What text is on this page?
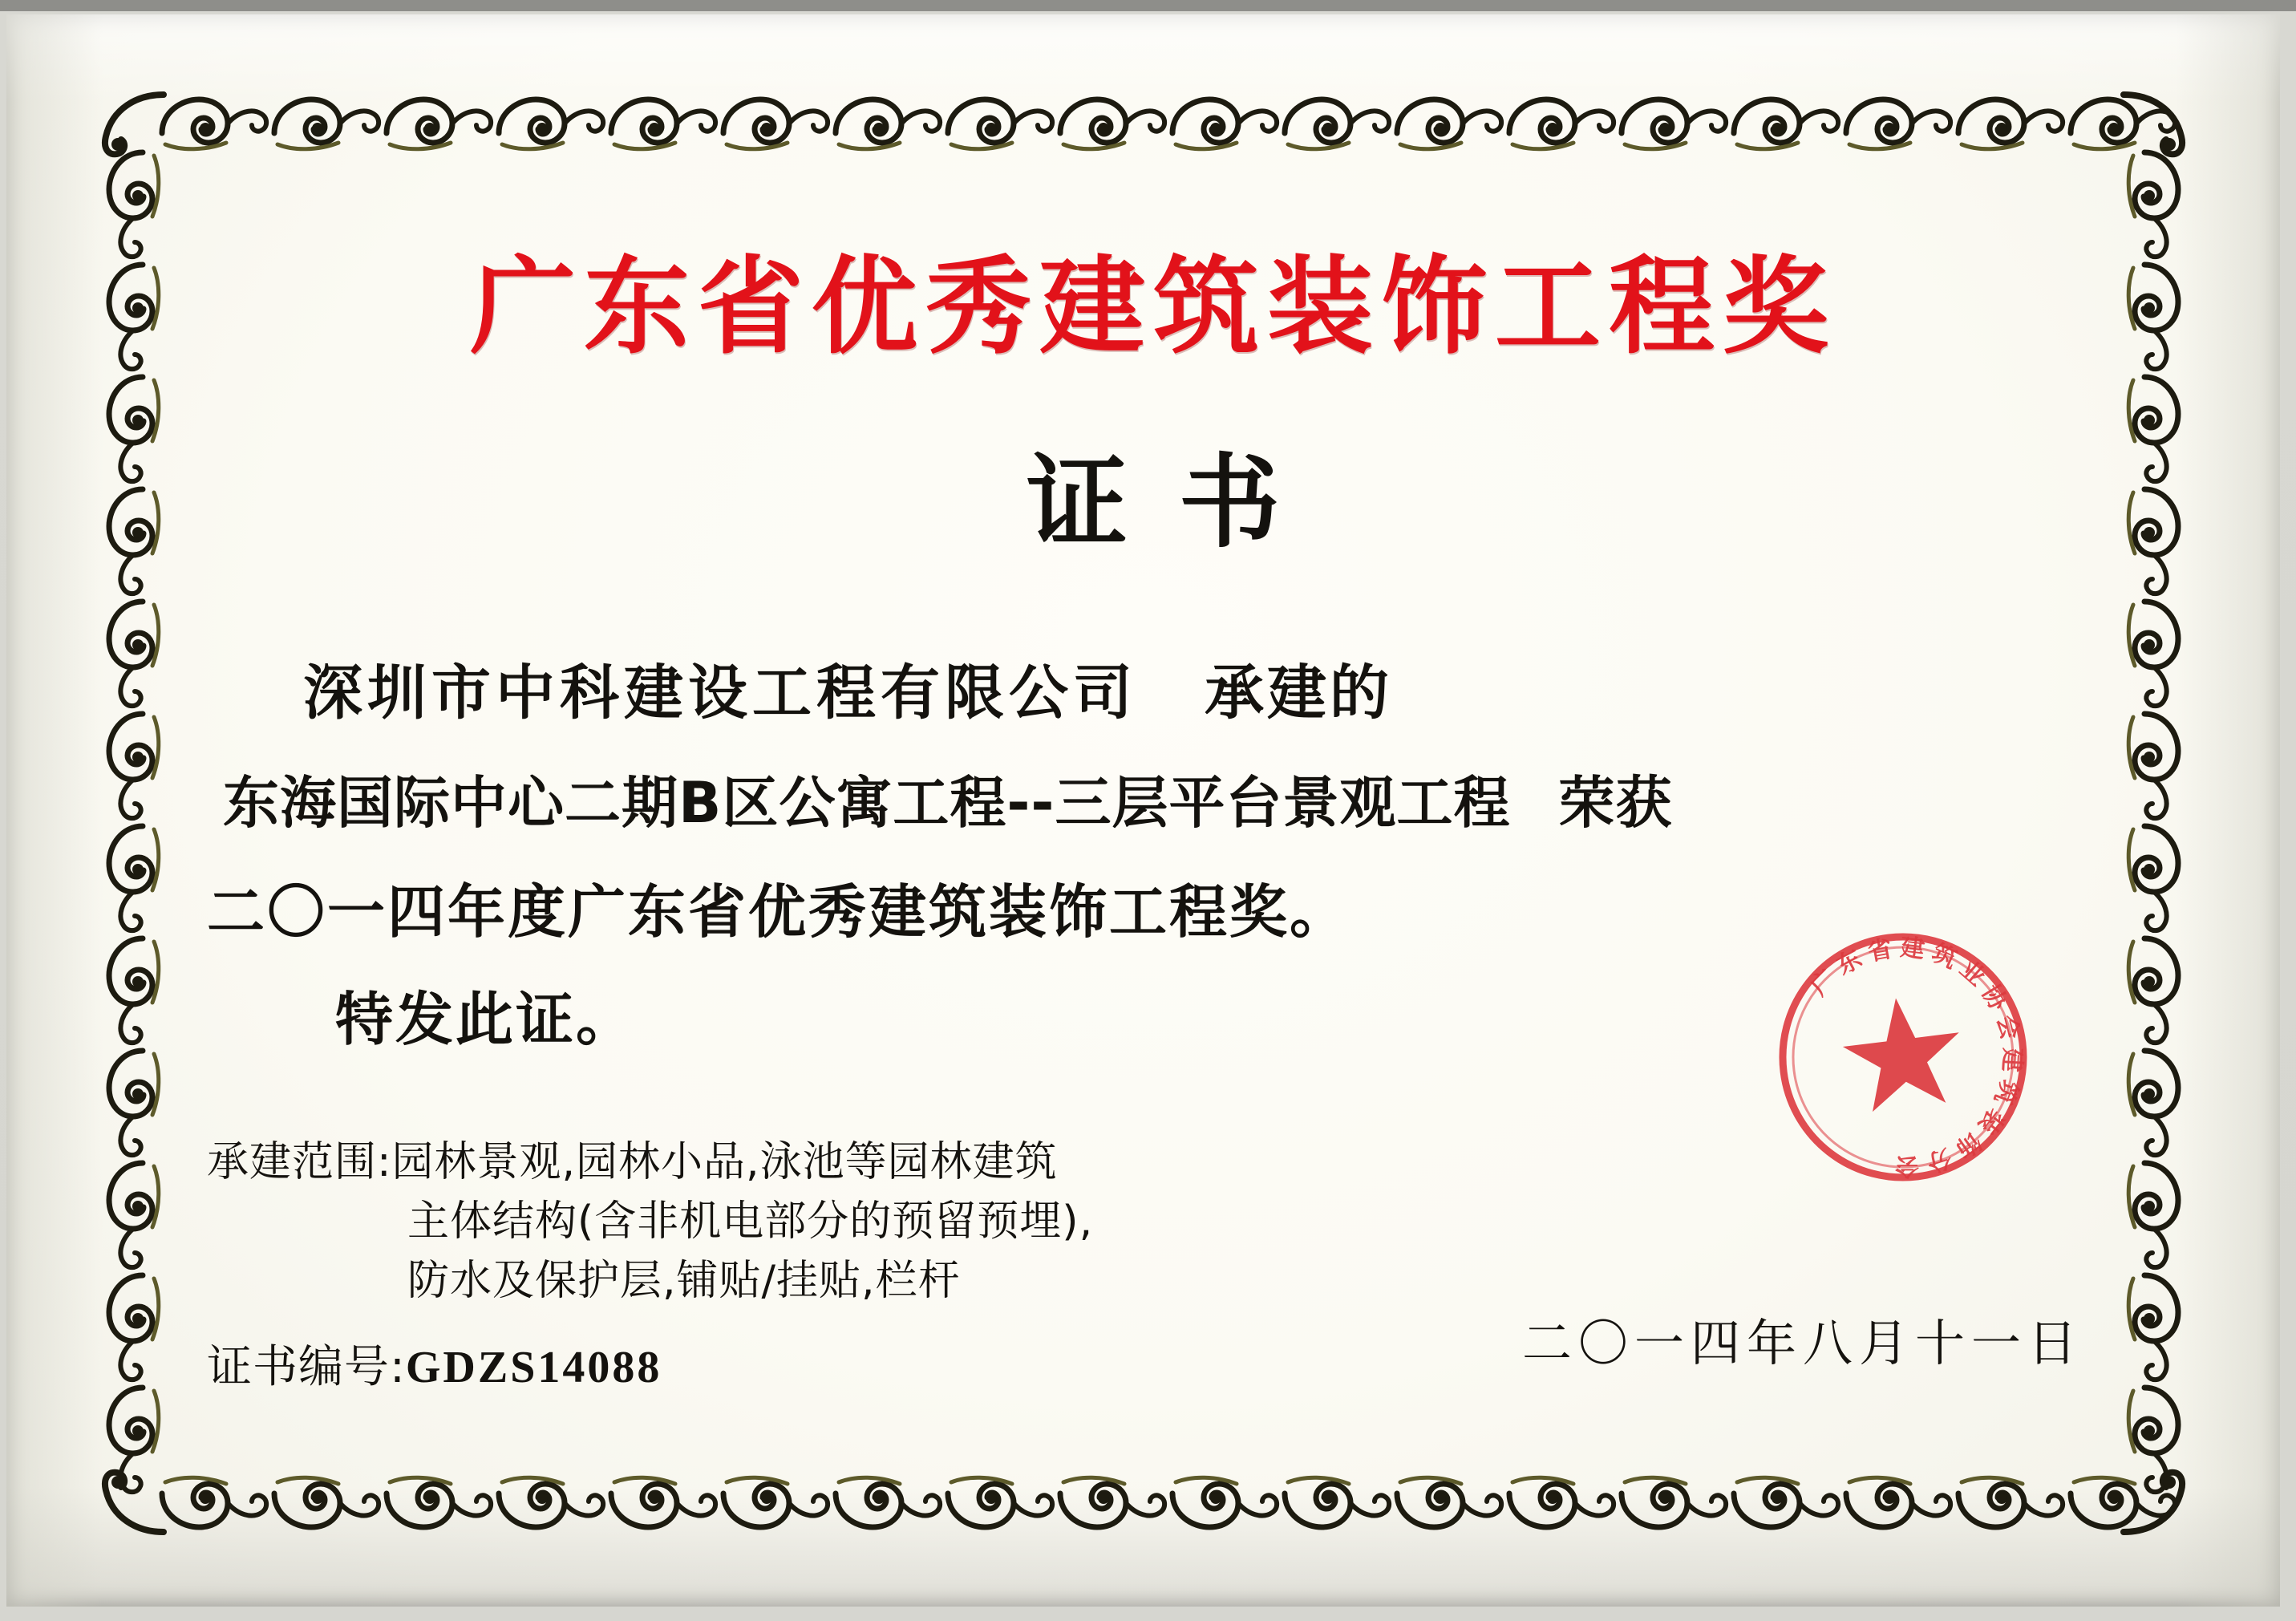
广东省优秀建筑装饰工程奖
证书
深圳市中科建设工程有限公司 承建的
东海国际中心二期B区公寓工程--三层平台景观工程 荣获
二〇一四年度广东省优秀建筑装饰工程奖。
特发此证。
承建范围:园林景观,园林小品,泳池等园林建筑
主体结构(含非机电部分的预留预埋),
防水及保护层,铺贴/挂贴,栏杆
证书编号:GDZS14088	二〇一四年八月十一日
广东省建筑业协会建筑装饰分会
